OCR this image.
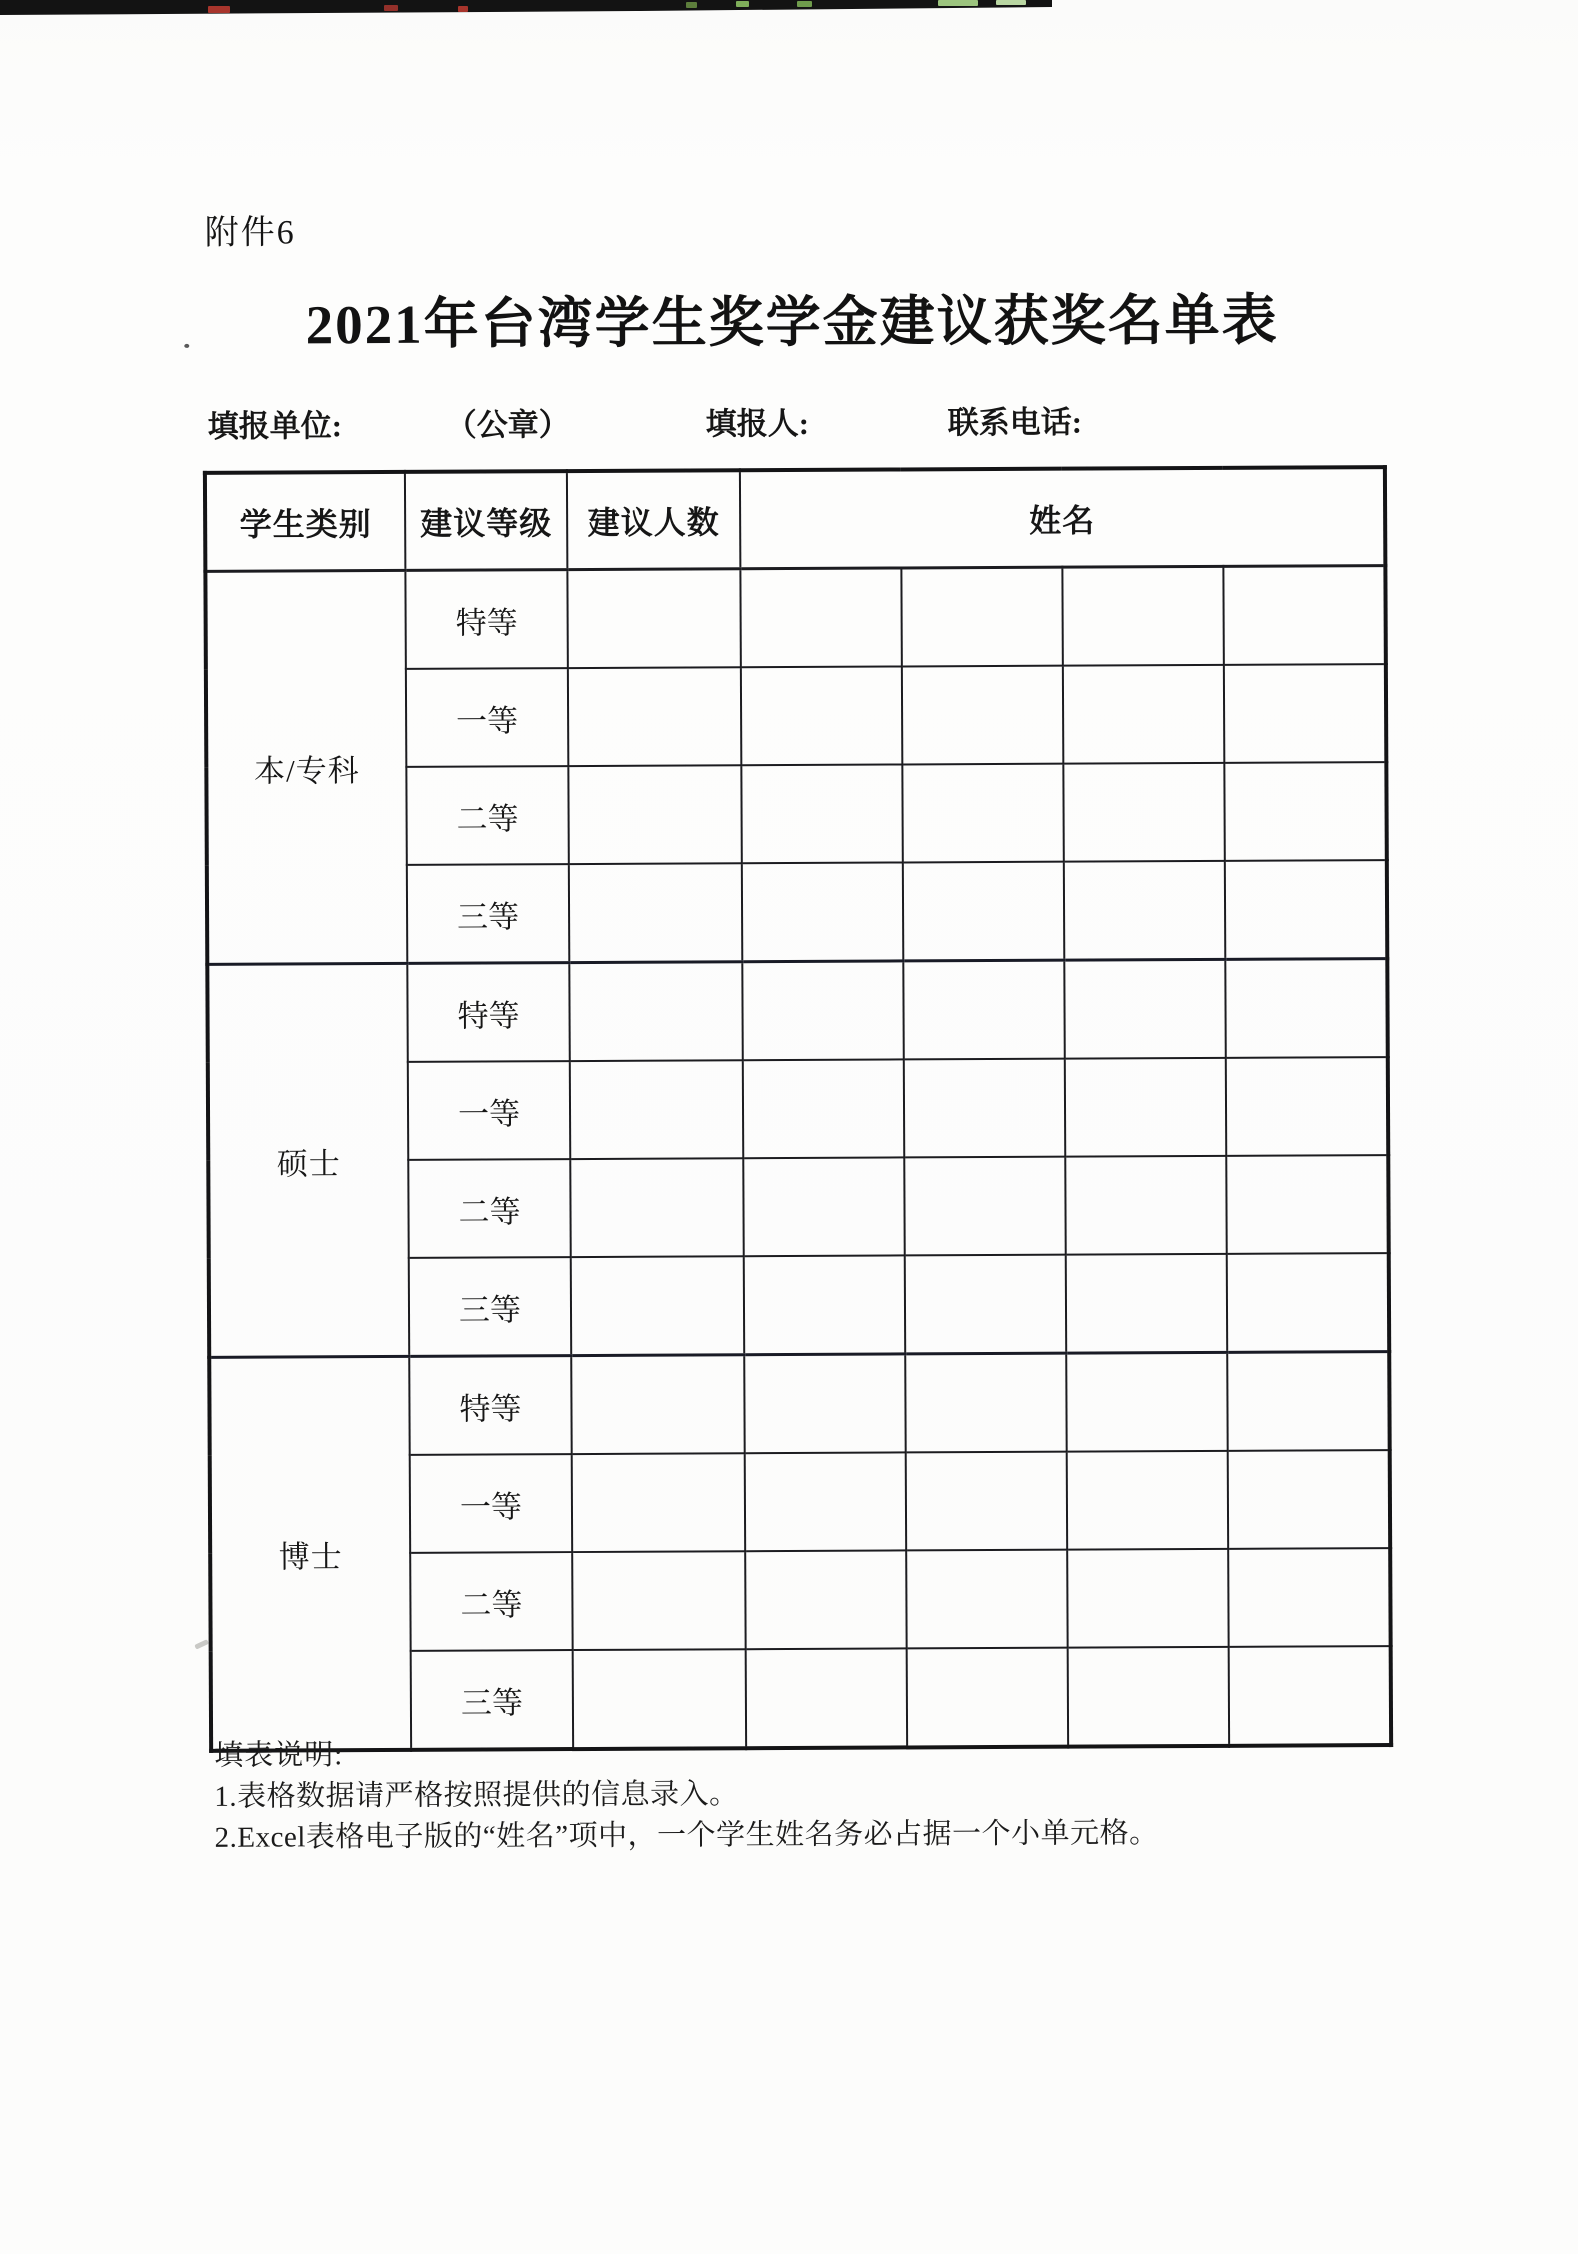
附件6
2021年台湾学生奖学金建议获奖名单表
填报单位:	（公章）	填报人:	联系电话:
学生类别	建议等级	建议人数	姓名			
本/专科	特等					
	一等					
	二等					
	三等					
硕士	特等					
	一等					
	二等					
	三等					
博士	特等					
	一等					
	二等					
	三等					
填表说明:
1.表格数据请严格按照提供的信息录入。
2.Excel表格电子版的“姓名”项中，一个学生姓名务必占据一个小单元格。
